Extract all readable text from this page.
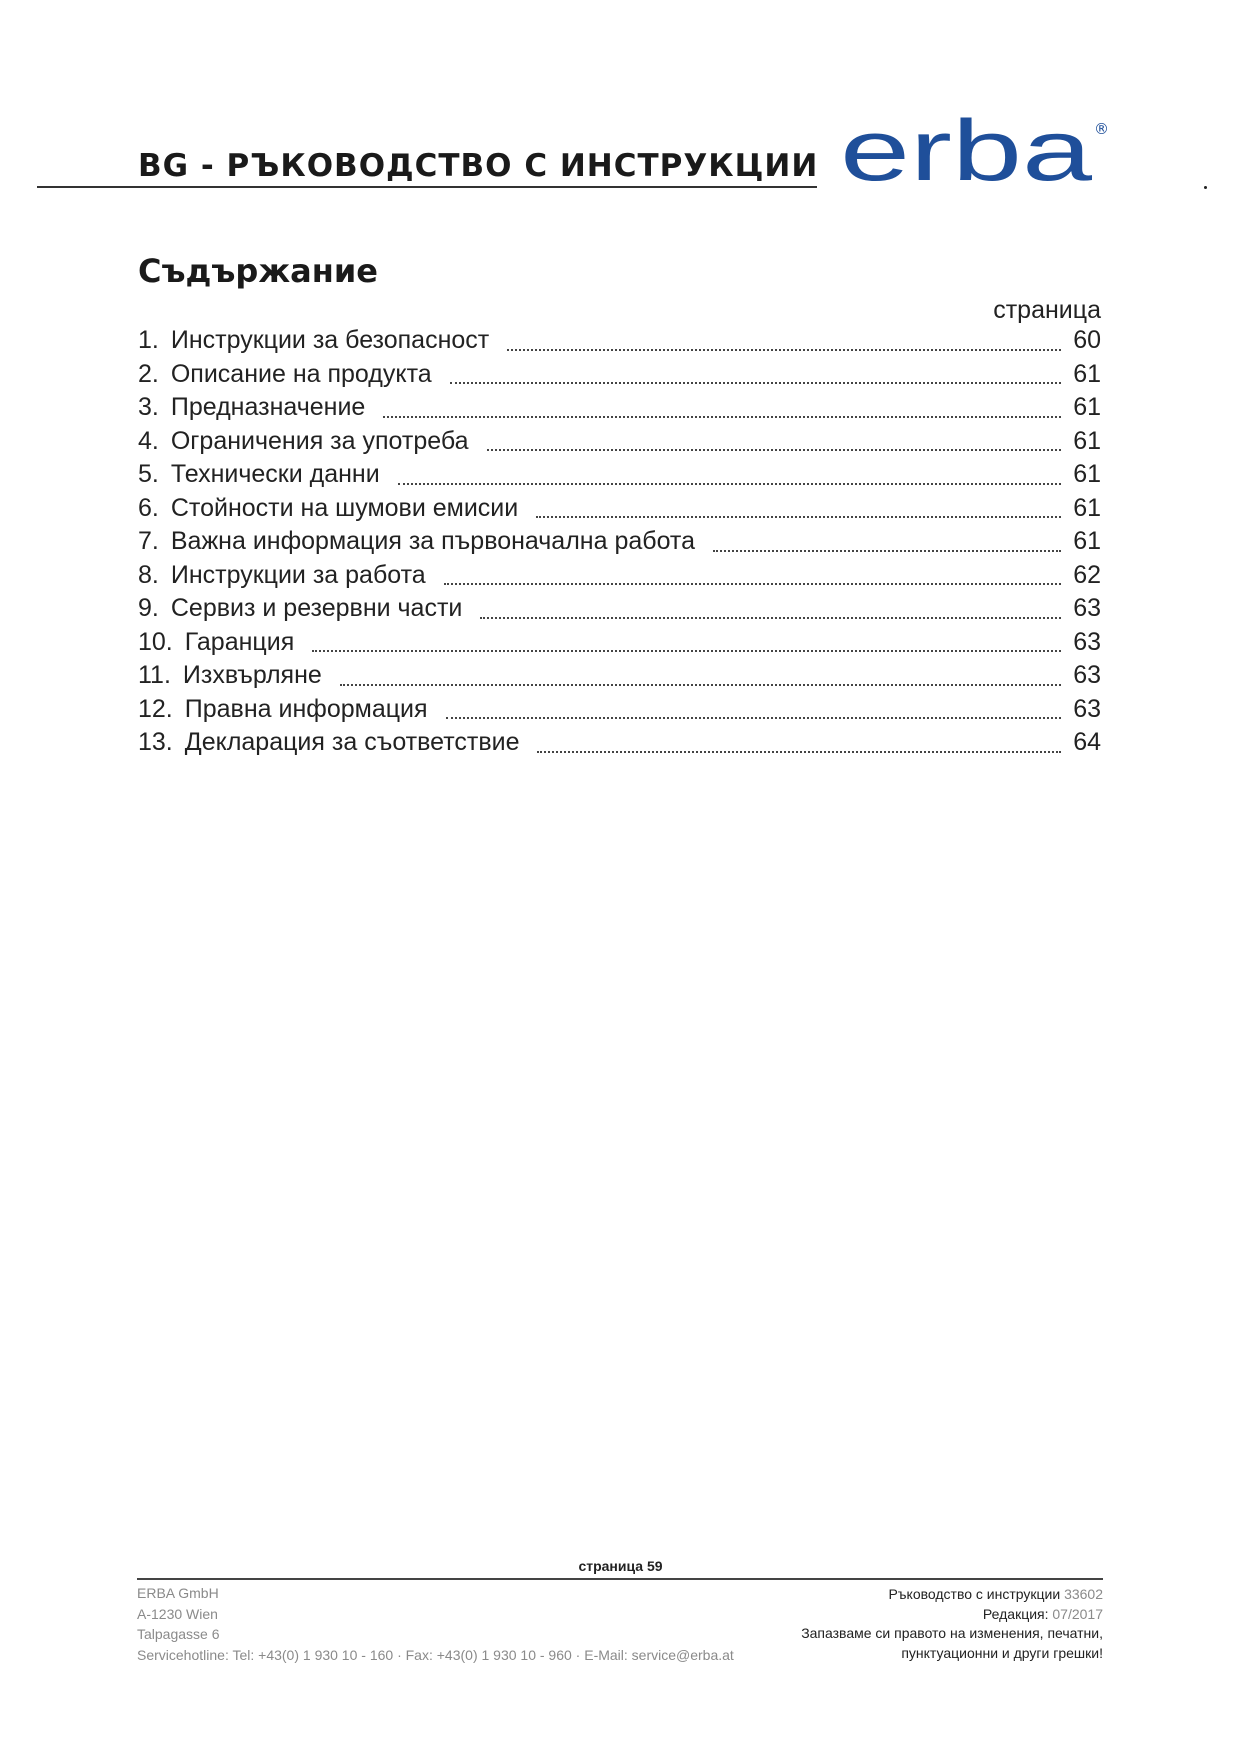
BG - РЪКОВОДСТВО С ИНСТРУКЦИИ erba ®
Съдържание
страница
1. Инструкции за безопасност	60
2. Описание на продукта	61
3. Предназначение	61
4. Ограничения за употреба	61
5. Технически данни	61
6. Стойности на шумови емисии	61
7. Важна информация за първоначална работа	61
8. Инструкции за работа	62
9. Сервиз и резервни части	63
10. Гаранция	63
11. Изхвърляне	63
12. Правна информация	63
13. Декларация за съответствие	64
страница 59
ERBA GmbH
A-1230 Wien
Talpagasse 6
Servicehotline: Tel: +43(0) 1 930 10 - 160 · Fax: +43(0) 1 930 10 - 960 · E-Mail: service@erba.at
Ръководство с инструкции 33602
Редакция: 07/2017
Запазваме си правото на изменения, печатни,
пунктуационни и други грешки!
